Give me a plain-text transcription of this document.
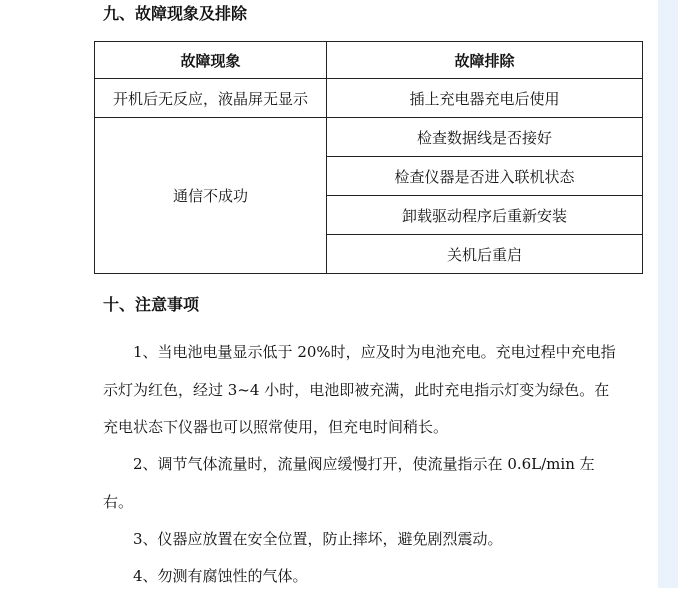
九、故障现象及排除
故障现象	故障排除
开机后无反应，液晶屏无显示	插上充电器充电后使用
通信不成功	检查数据线是否接好
	检查仪器是否进入联机状态
	卸载驱动程序后重新安装
	关机后重启
十、注意事项

1、当电池电量显示低于 20%时，应及时为电池充电。充电过程中充电指示灯为红色，经过 3~4 小时，电池即被充满，此时充电指示灯变为绿色。在充电状态下仪器也可以照常使用，但充电时间稍长。

2、调节气体流量时，流量阀应缓慢打开，使流量指示在 0.6L/min 左右。

3、仪器应放置在安全位置，防止摔坏，避免剧烈震动。

4、勿测有腐蚀性的气体。
